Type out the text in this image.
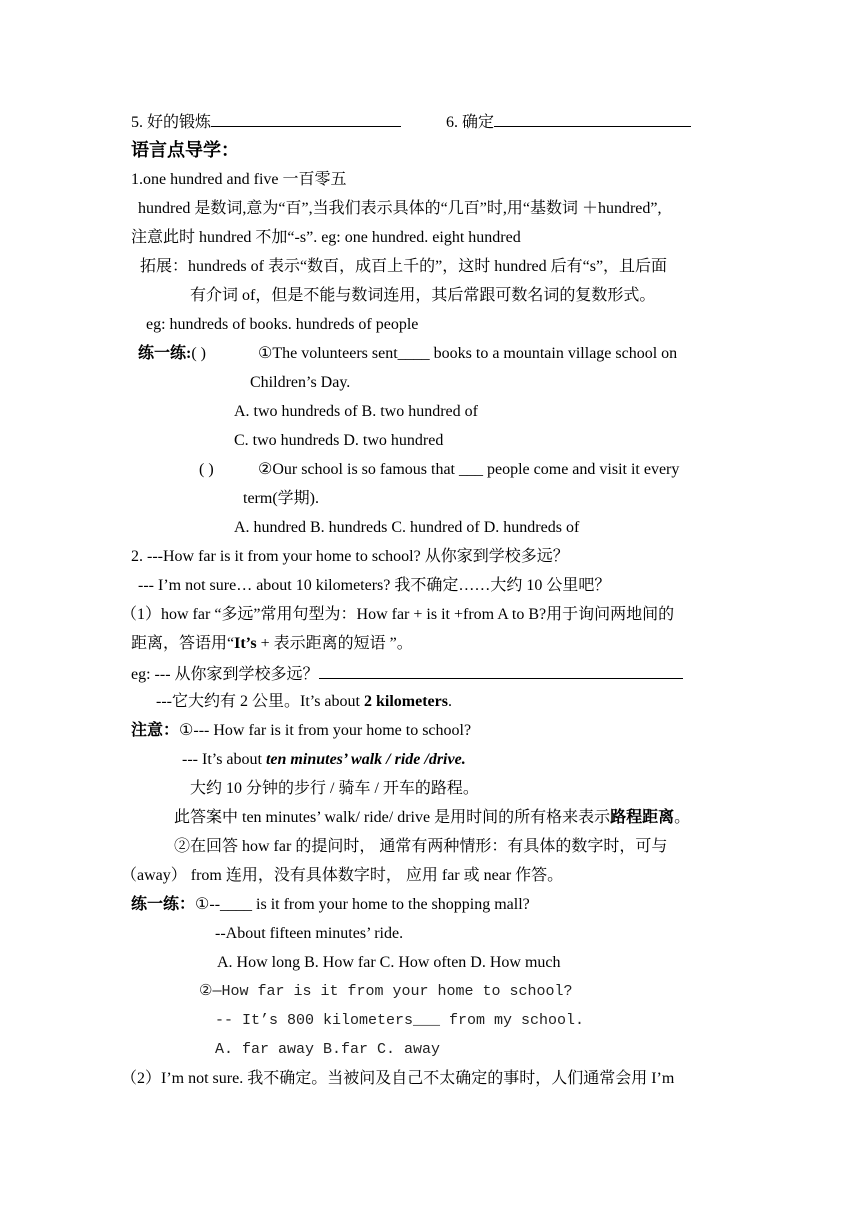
5. 好的锻炼	6. 确定
语言点导学：
1.one hundred and five 一百零五
hundred 是数词,意为“百”,当我们表示具体的“几百”时,用“基数词 ＋hundred”,
注意此时 hundred 不加“-s”. eg: one hundred. eight hundred
拓展：hundreds of 表示“数百，成百上千的”，这时 hundred 后有“s”，且后面
有介词 of，但是不能与数词连用，其后常跟可数名词的复数形式。
eg: hundreds of books. hundreds of people
练一练:( )	①The volunteers sent____ books to a mountain village school on
Children’s Day.
A. two hundreds of B. two hundred of
C. two hundreds D. two hundred
( )	②Our school is so famous that ___ people come and visit it every
term(学期).
A. hundred B. hundreds C. hundred of D. hundreds of
2. ---How far is it from your home to school? 从你家到学校多远？
--- I’m not sure… about 10 kilometers? 我不确定……大约 10 公里吧？
（1）how far “多远”常用句型为：How far + is it +from A to B?用于询问两地间的
距离，答语用“It’s + 表示距离的短语 ”。
eg: --- 从你家到学校多远？
---它大约有 2 公里。It’s about 2 kilometers.
注意：①--- How far is it from your home to school?
--- It’s about ten minutes’ walk / ride /drive.
大约 10 分钟的步行 / 骑车 / 开车的路程。
此答案中 ten minutes’ walk/ ride/ drive 是用时间的所有格来表示路程距离。
②在回答 how far 的提问时， 通常有两种情形：有具体的数字时，可与
（away） from 连用，没有具体数字时， 应用 far 或 near 作答。
练一练：①--____ is it from your home to the shopping mall?
--About fifteen minutes’ ride.
A. How long B. How far C. How often D. How much
②—How far is it from your home to school?
-- It’s 800 kilometers___ from my school.
A. far away B.far C. away
（2）I’m not sure. 我不确定。当被问及自己不太确定的事时，人们通常会用 I’m
